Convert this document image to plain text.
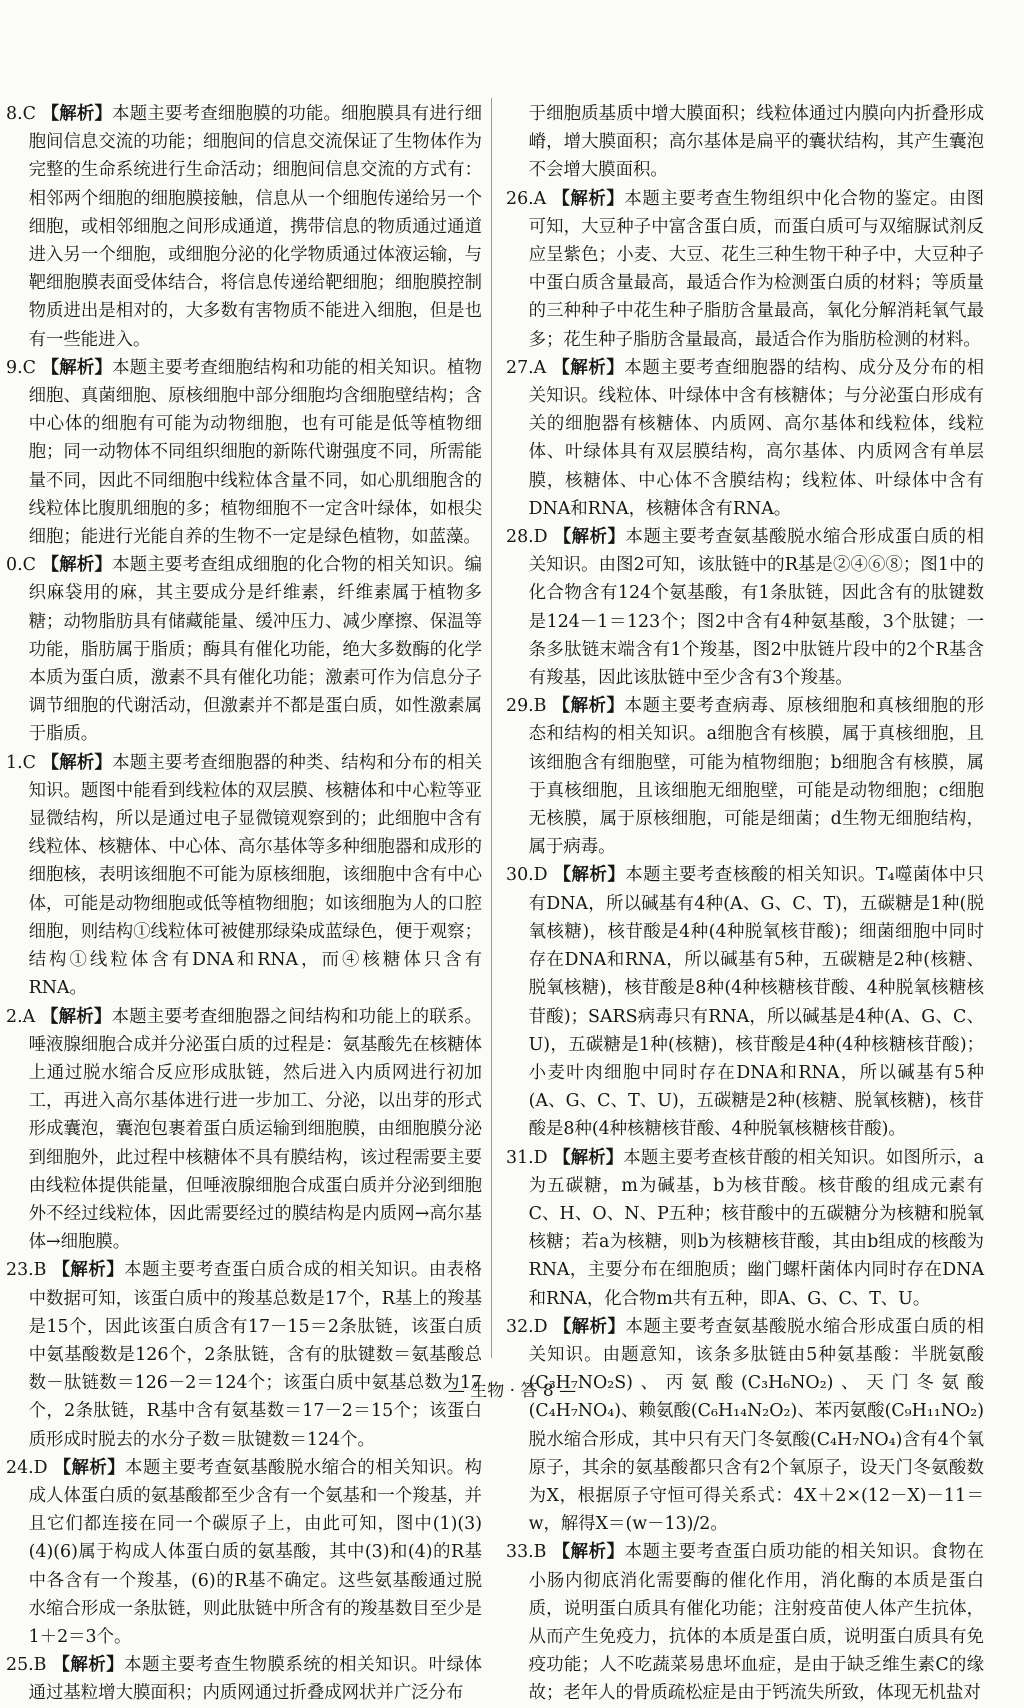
8.C 【解析】本题主要考查细胞膜的功能。细胞膜具有进行细胞间信息交流的功能；细胞间的信息交流保证了生物体作为完整的生命系统进行生命活动；细胞间信息交流的方式有：相邻两个细胞的细胞膜接触，信息从一个细胞传递给另一个细胞，或相邻细胞之间形成通道，携带信息的物质通过通道进入另一个细胞，或细胞分泌的化学物质通过体液运输，与靶细胞膜表面受体结合，将信息传递给靶细胞；细胞膜控制物质进出是相对的，大多数有害物质不能进入细胞，但是也有一些能进入。

9.C 【解析】本题主要考查细胞结构和功能的相关知识。植物细胞、真菌细胞、原核细胞中部分细胞均含细胞壁结构；含中心体的细胞有可能为动物细胞，也有可能是低等植物细胞；同一动物体不同组织细胞的新陈代谢强度不同，所需能量不同，因此不同细胞中线粒体含量不同，如心肌细胞含的线粒体比腹肌细胞的多；植物细胞不一定含叶绿体，如根尖细胞；能进行光能自养的生物不一定是绿色植物，如蓝藻。

0.C 【解析】本题主要考查组成细胞的化合物的相关知识。编织麻袋用的麻，其主要成分是纤维素，纤维素属于植物多糖；动物脂肪具有储藏能量、缓冲压力、减少摩擦、保温等功能，脂肪属于脂质；酶具有催化功能，绝大多数酶的化学本质为蛋白质，激素不具有催化功能；激素可作为信息分子调节细胞的代谢活动，但激素并不都是蛋白质，如性激素属于脂质。

1.C 【解析】本题主要考查细胞器的种类、结构和分布的相关知识。题图中能看到线粒体的双层膜、核糖体和中心粒等亚显微结构，所以是通过电子显微镜观察到的；此细胞中含有线粒体、核糖体、中心体、高尔基体等多种细胞器和成形的细胞核，表明该细胞不可能为原核细胞，该细胞中含有中心体，可能是动物细胞或低等植物细胞；如该细胞为人的口腔细胞，则结构①线粒体可被健那绿染成蓝绿色，便于观察；结构①线粒体含有DNA和RNA，而④核糖体只含有RNA。

2.A 【解析】本题主要考查细胞器之间结构和功能上的联系。唾液腺细胞合成并分泌蛋白质的过程是：氨基酸先在核糖体上通过脱水缩合反应形成肽链，然后进入内质网进行初加工，再进入高尔基体进行进一步加工、分泌，以出芽的形式形成囊泡，囊泡包裹着蛋白质运输到细胞膜，由细胞膜分泌到细胞外，此过程中核糖体不具有膜结构，该过程需要主要由线粒体提供能量，但唾液腺细胞合成蛋白质并分泌到细胞外不经过线粒体，因此需要经过的膜结构是内质网→高尔基体→细胞膜。

23.B 【解析】本题主要考查蛋白质合成的相关知识。由表格中数据可知，该蛋白质中的羧基总数是17个，R基上的羧基是15个，因此该蛋白质含有17－15＝2条肽链，该蛋白质中氨基酸数是126个，2条肽链，含有的肽键数＝氨基酸总数－肽链数＝126－2＝124个；该蛋白质中氨基总数为17个，2条肽链，R基中含有氨基数＝17－2＝15个；该蛋白质形成时脱去的水分子数＝肽键数＝124个。

24.D 【解析】本题主要考查氨基酸脱水缩合的相关知识。构成人体蛋白质的氨基酸都至少含有一个氨基和一个羧基，并且它们都连接在同一个碳原子上，由此可知，图中(1)(3)(4)(6)属于构成人体蛋白质的氨基酸，其中(3)和(4)的R基中各含有一个羧基，(6)的R基不确定。这些氨基酸通过脱水缩合形成一条肽链，则此肽链中所含有的羧基数目至少是1＋2＝3个。

25.B 【解析】本题主要考查生物膜系统的相关知识。叶绿体通过基粒增大膜面积；内质网通过折叠成网状并广泛分布

于细胞质基质中增大膜面积；线粒体通过内膜向内折叠形成嵴，增大膜面积；高尔基体是扁平的囊状结构，其产生囊泡不会增大膜面积。

26.A 【解析】本题主要考查生物组织中化合物的鉴定。由图可知，大豆种子中富含蛋白质，而蛋白质可与双缩脲试剂反应呈紫色；小麦、大豆、花生三种生物干种子中，大豆种子中蛋白质含量最高，最适合作为检测蛋白质的材料；等质量的三种种子中花生种子脂肪含量最高，氧化分解消耗氧气最多；花生种子脂肪含量最高，最适合作为脂肪检测的材料。

27.A 【解析】本题主要考查细胞器的结构、成分及分布的相关知识。线粒体、叶绿体中含有核糖体；与分泌蛋白形成有关的细胞器有核糖体、内质网、高尔基体和线粒体，线粒体、叶绿体具有双层膜结构，高尔基体、内质网含有单层膜，核糖体、中心体不含膜结构；线粒体、叶绿体中含有DNA和RNA，核糖体含有RNA。

28.D 【解析】本题主要考查氨基酸脱水缩合形成蛋白质的相关知识。由图2可知，该肽链中的R基是②④⑥⑧；图1中的化合物含有124个氨基酸，有1条肽链，因此含有的肽键数是124－1＝123个；图2中含有4种氨基酸，3个肽键；一条多肽链末端含有1个羧基，图2中肽链片段中的2个R基含有羧基，因此该肽链中至少含有3个羧基。

29.B 【解析】本题主要考查病毒、原核细胞和真核细胞的形态和结构的相关知识。a细胞含有核膜，属于真核细胞，且该细胞含有细胞壁，可能为植物细胞；b细胞含有核膜，属于真核细胞，且该细胞无细胞壁，可能是动物细胞；c细胞无核膜，属于原核细胞，可能是细菌；d生物无细胞结构，属于病毒。

30.D 【解析】本题主要考查核酸的相关知识。T₄噬菌体中只有DNA，所以碱基有4种(A、G、C、T)，五碳糖是1种(脱氧核糖)，核苷酸是4种(4种脱氧核苷酸)；细菌细胞中同时存在DNA和RNA，所以碱基有5种，五碳糖是2种(核糖、脱氧核糖)，核苷酸是8种(4种核糖核苷酸、4种脱氧核糖核苷酸)；SARS病毒只有RNA，所以碱基是4种(A、G、C、U)，五碳糖是1种(核糖)，核苷酸是4种(4种核糖核苷酸)；小麦叶肉细胞中同时存在DNA和RNA，所以碱基有5种(A、G、C、T、U)，五碳糖是2种(核糖、脱氧核糖)，核苷酸是8种(4种核糖核苷酸、4种脱氧核糖核苷酸)。

31.D 【解析】本题主要考查核苷酸的相关知识。如图所示，a为五碳糖，m为碱基，b为核苷酸。核苷酸的组成元素有C、H、O、N、P五种；核苷酸中的五碳糖分为核糖和脱氧核糖；若a为核糖，则b为核糖核苷酸，其由b组成的核酸为RNA，主要分布在细胞质；幽门螺杆菌体内同时存在DNA和RNA，化合物m共有五种，即A、G、C、T、U。

32.D 【解析】本题主要考查氨基酸脱水缩合形成蛋白质的相关知识。由题意知，该条多肽链由5种氨基酸：半胱氨酸(C₃H₇NO₂S)、丙氨酸(C₃H₆NO₂)、天门冬氨酸(C₄H₇NO₄)、赖氨酸(C₆H₁₄N₂O₂)、苯丙氨酸(C₉H₁₁NO₂)脱水缩合形成，其中只有天门冬氨酸(C₄H₇NO₄)含有4个氧原子，其余的氨基酸都只含有2个氧原子，设天门冬氨酸数为X，根据原子守恒可得关系式：4X＋2×(12－X)－11＝w，解得X＝(w－13)/2。

33.B 【解析】本题主要考查蛋白质功能的相关知识。食物在小肠内彻底消化需要酶的催化作用，消化酶的本质是蛋白质，说明蛋白质具有催化功能；注射疫苗使人体产生抗体，从而产生免疫力，抗体的本质是蛋白质，说明蛋白质具有免疫功能；人不吃蔬菜易患坏血症，是由于缺乏维生素C的缘故；老年人的骨质疏松症是由于钙流失所致，体现无机盐对

— 生物 · 答 8 —
